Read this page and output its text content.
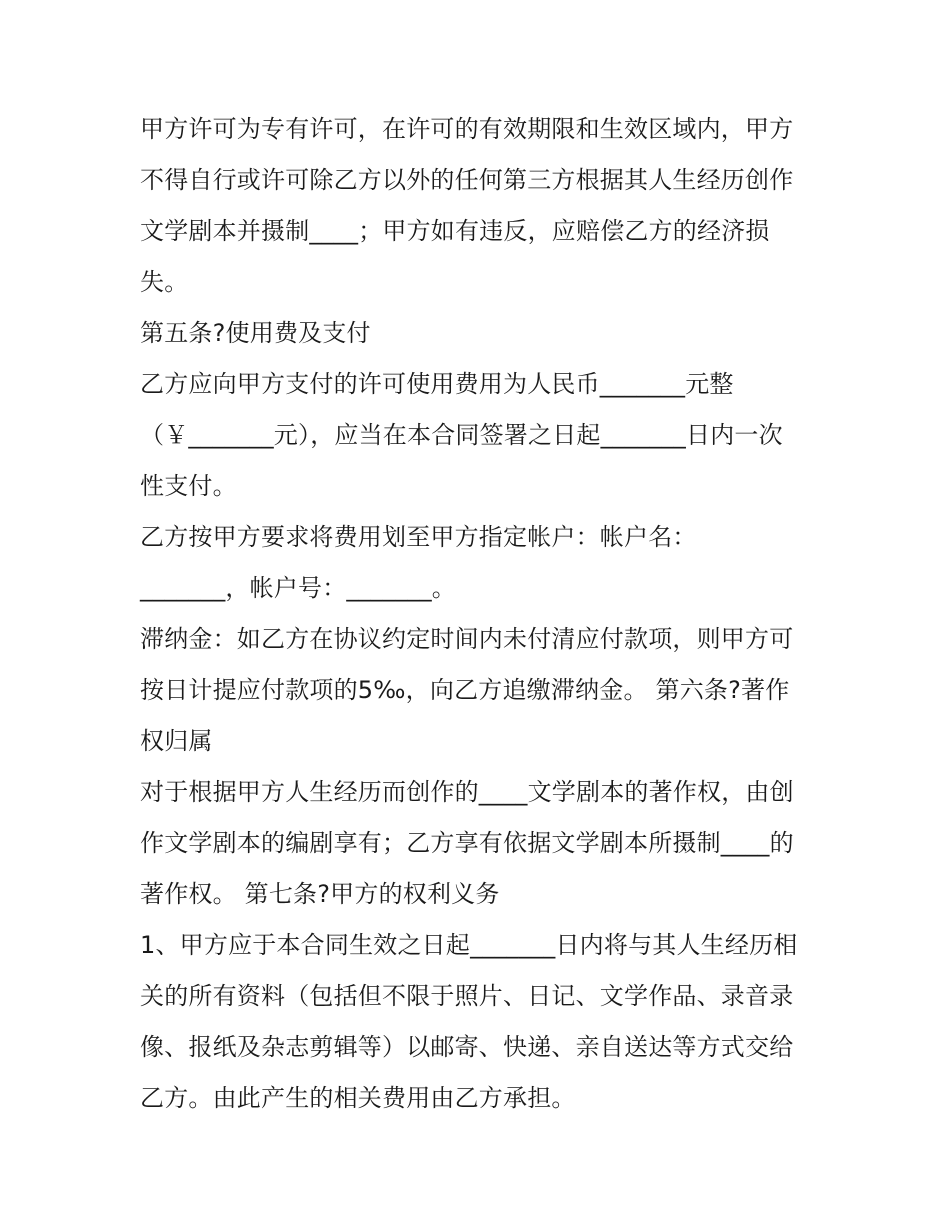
甲方许可为专有许可，在许可的有效期限和生效区域内，甲方
不得自行或许可除乙方以外的任何第三方根据其人生经历创作
文学剧本并摄制____；甲方如有违反，应赔偿乙方的经济损
失。
第五条?使用费及支付
乙方应向甲方支付的许可使用费用为人民币_______元整
（￥_______元），应当在本合同签署之日起_______日内一次
性支付。
乙方按甲方要求将费用划至甲方指定帐户：帐户名：
_______，帐户号：_______。
滞纳金：如乙方在协议约定时间内未付清应付款项，则甲方可
按日计提应付款项的5‰，向乙方追缴滞纳金。 第六条?著作
权归属
对于根据甲方人生经历而创作的____文学剧本的著作权，由创
作文学剧本的编剧享有；乙方享有依据文学剧本所摄制____的
著作权。 第七条?甲方的权利义务
1、甲方应于本合同生效之日起_______日内将与其人生经历相
关的所有资料（包括但不限于照片、日记、文学作品、录音录
像、报纸及杂志剪辑等）以邮寄、快递、亲自送达等方式交给
乙方。由此产生的相关费用由乙方承担。
